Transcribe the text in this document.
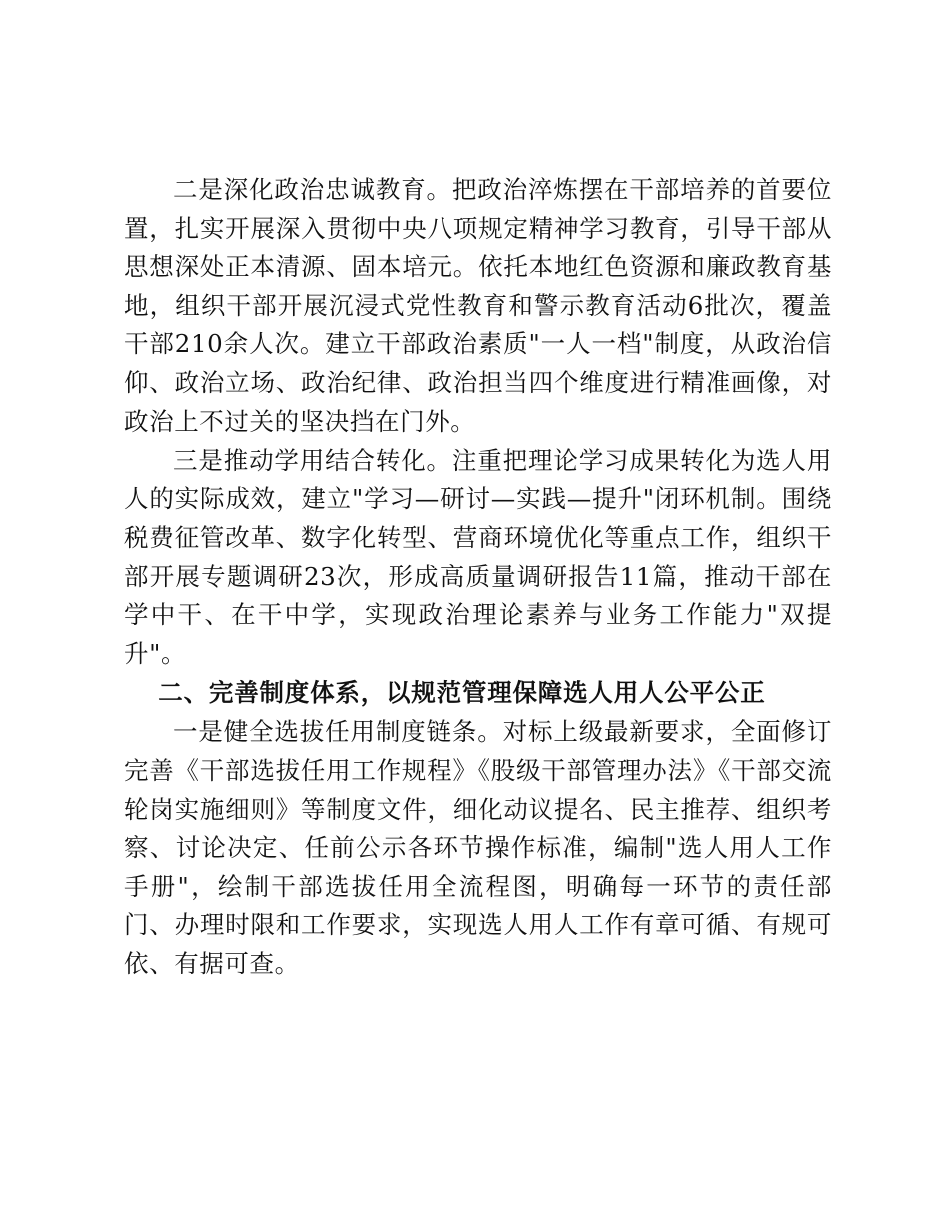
二是深化政治忠诚教育。把政治淬炼摆在干部培养的首要位置，扎实开展深入贯彻中央八项规定精神学习教育，引导干部从思想深处正本清源、固本培元。依托本地红色资源和廉政教育基地，组织干部开展沉浸式党性教育和警示教育活动6批次，覆盖干部210余人次。建立干部政治素质"一人一档"制度，从政治信仰、政治立场、政治纪律、政治担当四个维度进行精准画像，对政治上不过关的坚决挡在门外。

三是推动学用结合转化。注重把理论学习成果转化为选人用人的实际成效，建立"学习—研讨—实践—提升"闭环机制。围绕税费征管改革、数字化转型、营商环境优化等重点工作，组织干部开展专题调研23次，形成高质量调研报告11篇，推动干部在学中干、在干中学，实现政治理论素养与业务工作能力"双提升"。

二、完善制度体系，以规范管理保障选人用人公平公正

一是健全选拔任用制度链条。对标上级最新要求，全面修订完善《干部选拔任用工作规程》《股级干部管理办法》《干部交流轮岗实施细则》等制度文件，细化动议提名、民主推荐、组织考察、讨论决定、任前公示各环节操作标准，编制"选人用人工作手册"，绘制干部选拔任用全流程图，明确每一环节的责任部门、办理时限和工作要求，实现选人用人工作有章可循、有规可依、有据可查。
